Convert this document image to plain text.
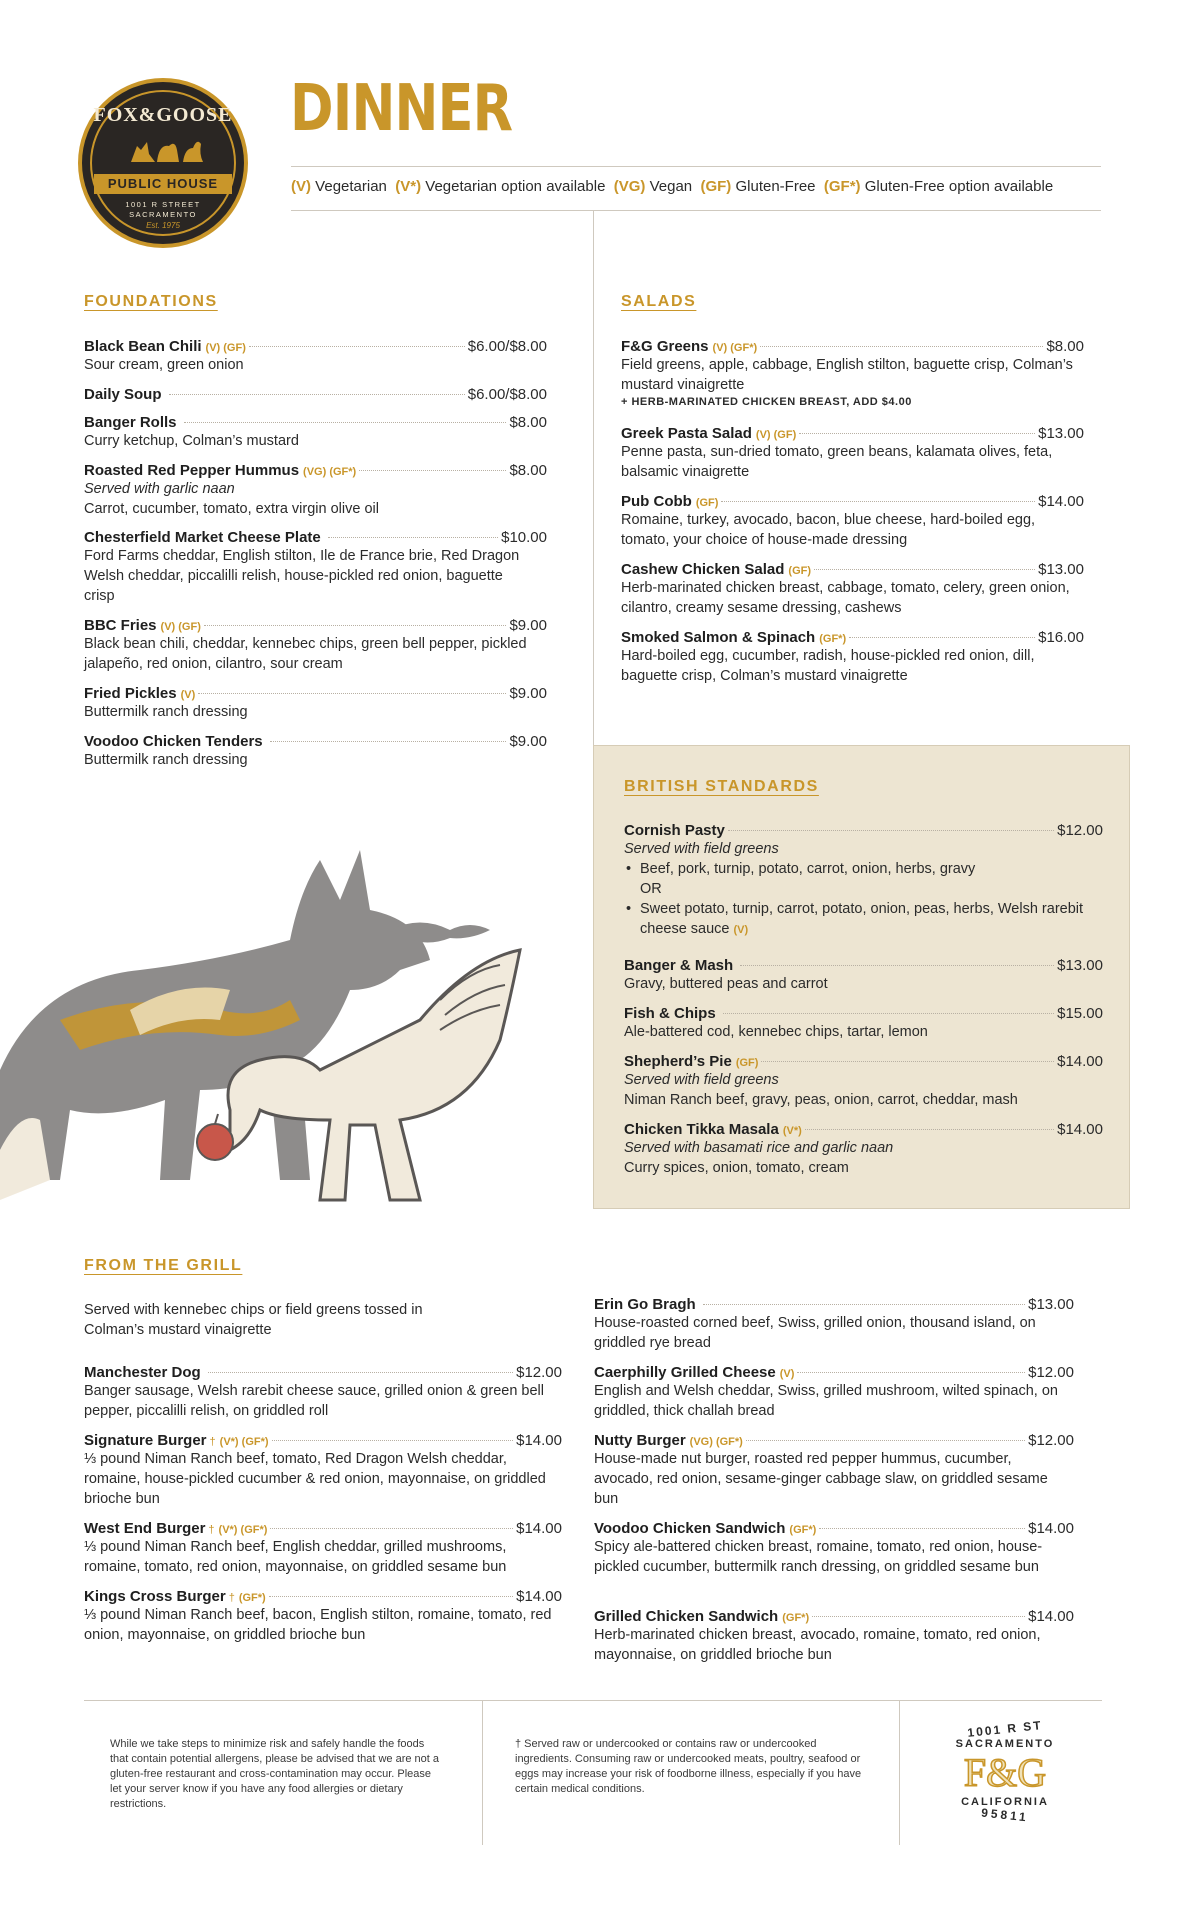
FOX&GOOSE
PUBLIC HOUSE
1001 R STREET
SACRAMENTO
Est. 1975
DINNER
(V) Vegetarian (V*) Vegetarian option available (VG) Vegan (GF) Gluten-Free (GF*) Gluten-Free option available
FOUNDATIONS
Black Bean Chili (V) (GF)	$6.00/$8.00
Sour cream, green onion
Daily Soup	$6.00/$8.00
Banger Rolls	$8.00
Curry ketchup, Colman’s mustard
Roasted Red Pepper Hummus (VG) (GF*)	$8.00
Served with garlic naan
Carrot, cucumber, tomato, extra virgin olive oil
Chesterfield Market Cheese Plate	$10.00
Ford Farms cheddar, English stilton, Ile de France brie, Red Dragon Welsh cheddar, piccalilli relish, house-pickled red onion, baguette crisp
BBC Fries (V) (GF)	$9.00
Black bean chili, cheddar, kennebec chips, green bell pepper, pickled jalapeño, red onion, cilantro, sour cream
Fried Pickles (V)	$9.00
Buttermilk ranch dressing
Voodoo Chicken Tenders	$9.00
Buttermilk ranch dressing
SALADS
F&G Greens (V) (GF*)	$8.00
Field greens, apple, cabbage, English stilton, baguette crisp, Colman’s mustard vinaigrette
+ HERB-MARINATED CHICKEN BREAST, ADD $4.00
Greek Pasta Salad (V) (GF)	$13.00
Penne pasta, sun-dried tomato, green beans, kalamata olives, feta, balsamic vinaigrette
Pub Cobb (GF)	$14.00
Romaine, turkey, avocado, bacon, blue cheese, hard-boiled egg, tomato, your choice of house-made dressing
Cashew Chicken Salad (GF)	$13.00
Herb-marinated chicken breast, cabbage, tomato, celery, green onion, cilantro, creamy sesame dressing, cashews
Smoked Salmon & Spinach (GF*)	$16.00
Hard-boiled egg, cucumber, radish, house-pickled red onion, dill, baguette crisp, Colman’s mustard vinaigrette
BRITISH STANDARDS
Cornish Pasty	$12.00
Served with field greens
• Beef, pork, turnip, potato, carrot, onion, herbs, gravy
OR
• Sweet potato, turnip, carrot, potato, onion, peas, herbs, Welsh rarebit cheese sauce (V)
Banger & Mash	$13.00
Gravy, buttered peas and carrot
Fish & Chips	$15.00
Ale-battered cod, kennebec chips, tartar, lemon
Shepherd’s Pie (GF)	$14.00
Served with field greens
Niman Ranch beef, gravy, peas, onion, carrot, cheddar, mash
Chicken Tikka Masala (V*)	$14.00
Served with basamati rice and garlic naan
Curry spices, onion, tomato, cream
FROM THE GRILL
Served with kennebec chips or field greens tossed in Colman’s mustard vinaigrette
Manchester Dog	$12.00
Banger sausage, Welsh rarebit cheese sauce, grilled onion & green bell pepper, piccalilli relish, on griddled roll
Signature Burger † (V*) (GF*)	$14.00
⅓ pound Niman Ranch beef, tomato, Red Dragon Welsh cheddar, romaine, house-pickled cucumber & red onion, mayonnaise, on griddled brioche bun
West End Burger † (V*) (GF*)	$14.00
⅓ pound Niman Ranch beef, English cheddar, grilled mushrooms, romaine, tomato, red onion, mayonnaise, on griddled sesame bun
Kings Cross Burger † (GF*)	$14.00
⅓ pound Niman Ranch beef, bacon, English stilton, romaine, tomato, red onion, mayonnaise, on griddled brioche bun
Erin Go Bragh	$13.00
House-roasted corned beef, Swiss, grilled onion, thousand island, on griddled rye bread
Caerphilly Grilled Cheese (V)	$12.00
English and Welsh cheddar, Swiss, grilled mushroom, wilted spinach, on griddled, thick challah bread
Nutty Burger (VG) (GF*)	$12.00
House-made nut burger, roasted red pepper hummus, cucumber, avocado, red onion, sesame-ginger cabbage slaw, on griddled sesame bun
Voodoo Chicken Sandwich (GF*)	$14.00
Spicy ale-battered chicken breast, romaine, tomato, red onion, house-pickled cucumber, buttermilk ranch dressing, on griddled sesame bun
Grilled Chicken Sandwich (GF*)	$14.00
Herb-marinated chicken breast, avocado, romaine, tomato, red onion, mayonnaise, on griddled brioche bun
While we take steps to minimize risk and safely handle the foods that contain potential allergens, please be advised that we are not a gluten-free restaurant and cross-contamination may occur. Please let your server know if you have any food allergies or dietary restrictions.
† Served raw or undercooked or contains raw or undercooked ingredients. Consuming raw or undercooked meats, poultry, seafood or eggs may increase your risk of foodborne illness, especially if you have certain medical conditions.
1001 R ST
SACRAMENTO
F&G
CALIFORNIA
95811
